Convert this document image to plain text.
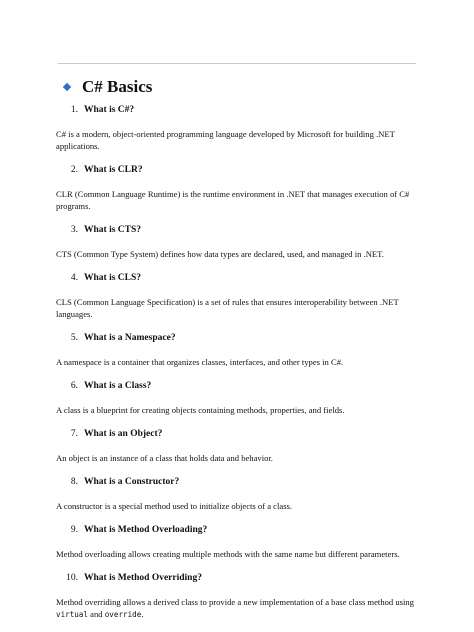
C# Basics
1. What is C#?

C# is a modern, object-oriented programming language developed by Microsoft for building .NET applications.

2. What is CLR?

CLR (Common Language Runtime) is the runtime environment in .NET that manages execution of C# programs.

3. What is CTS?

CTS (Common Type System) defines how data types are declared, used, and managed in .NET.

4. What is CLS?

CLS (Common Language Specification) is a set of rules that ensures interoperability between .NET languages.

5. What is a Namespace?

A namespace is a container that organizes classes, interfaces, and other types in C#.

6. What is a Class?

A class is a blueprint for creating objects containing methods, properties, and fields.

7. What is an Object?

An object is an instance of a class that holds data and behavior.

8. What is a Constructor?

A constructor is a special method used to initialize objects of a class.

9. What is Method Overloading?

Method overloading allows creating multiple methods with the same name but different parameters.

10. What is Method Overriding?

Method overriding allows a derived class to provide a new implementation of a base class method using virtual and override.
